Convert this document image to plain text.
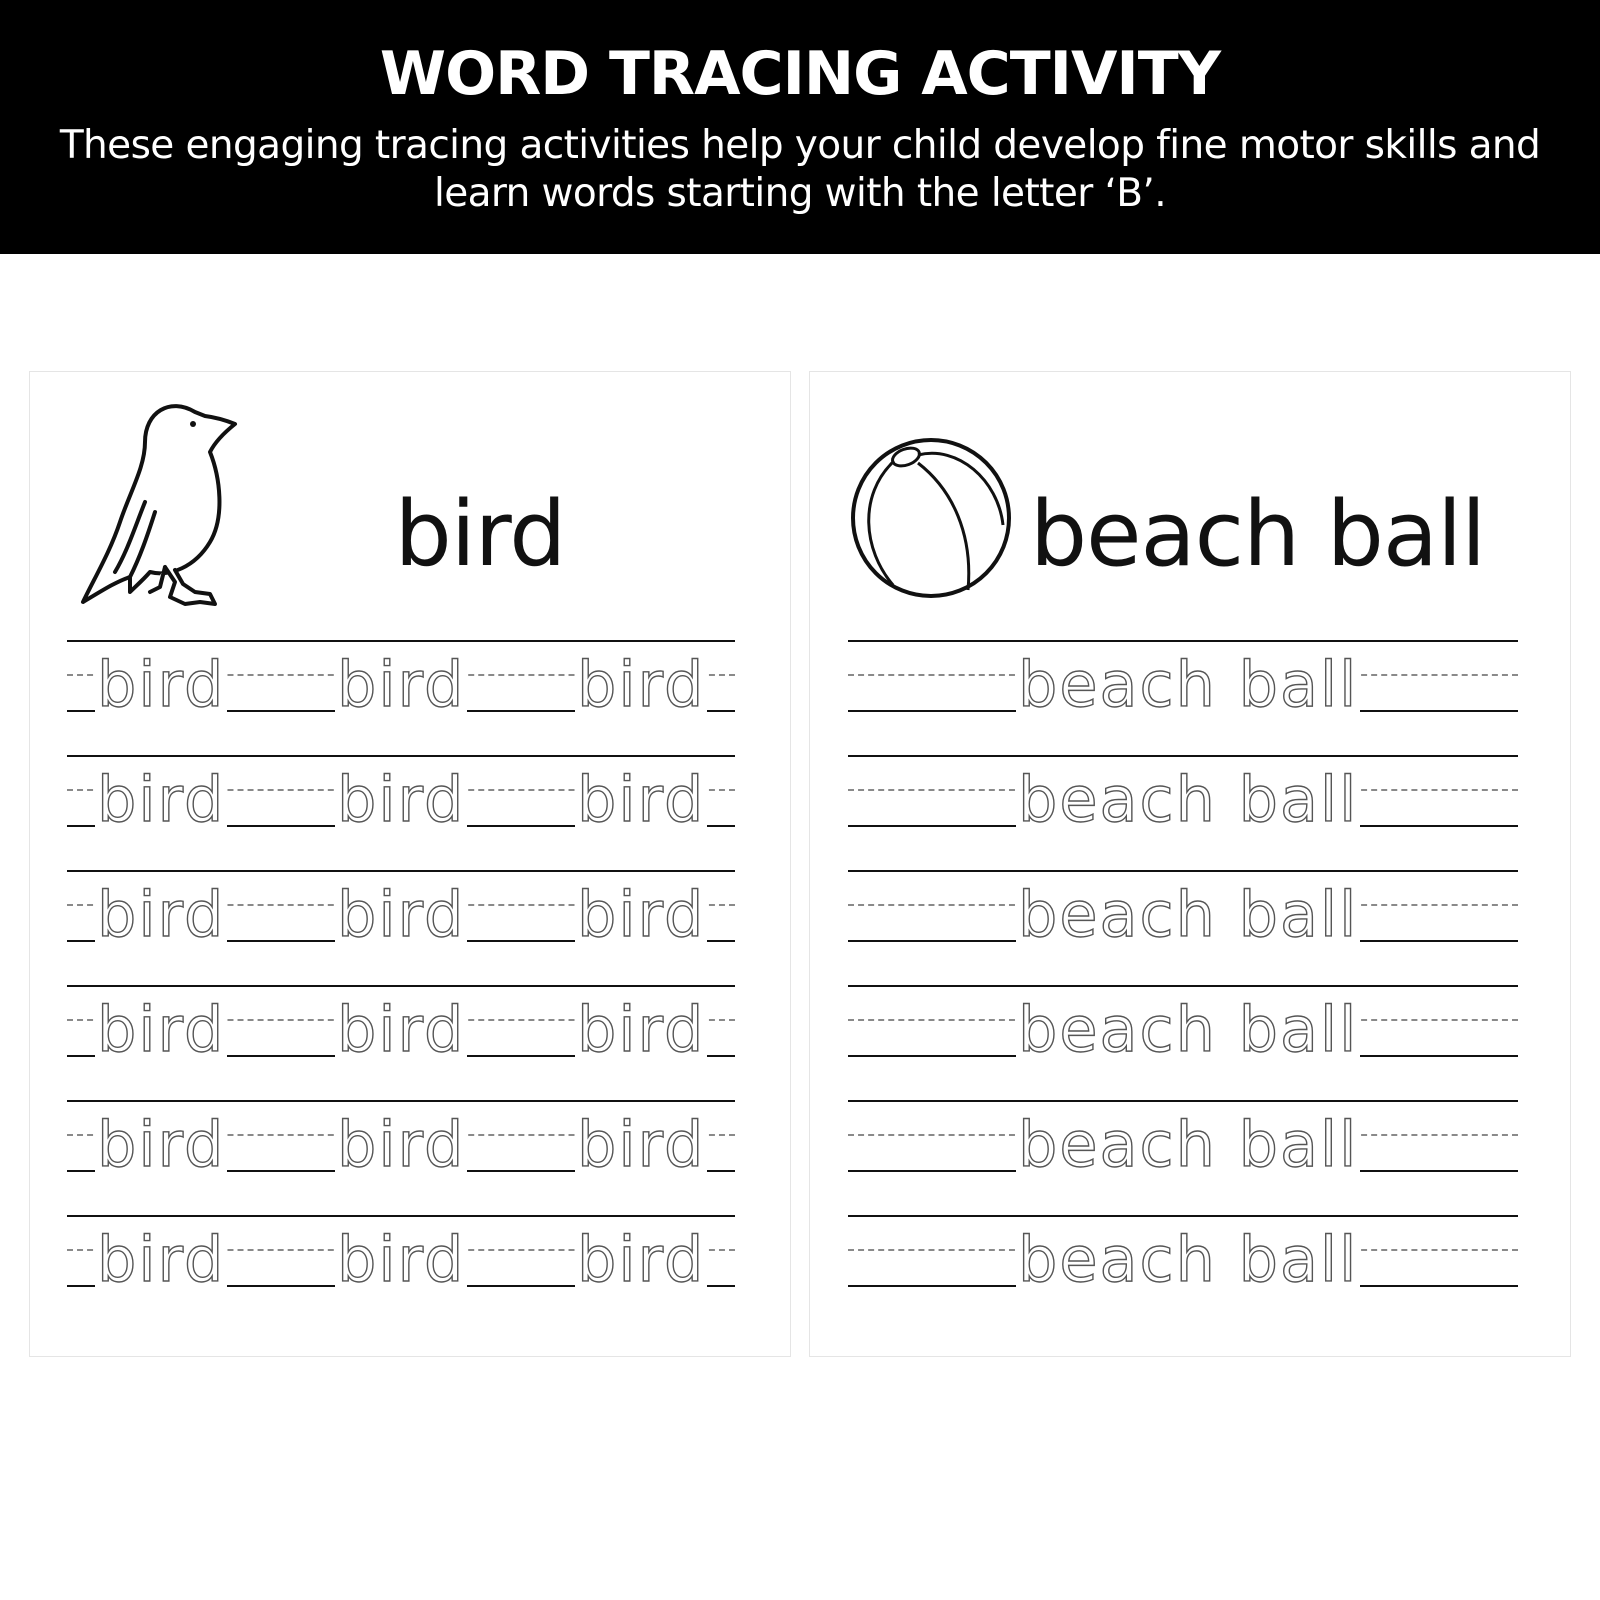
WORD TRACING ACTIVITY
These engaging tracing activities help your child develop fine motor skills and learn words starting with the letter ‘B’.
bird	beach ball
bird bird bird
bird bird bird
bird bird bird
bird bird bird
bird bird bird
bird bird bird
beach ball
beach ball
beach ball
beach ball
beach ball
beach ball
